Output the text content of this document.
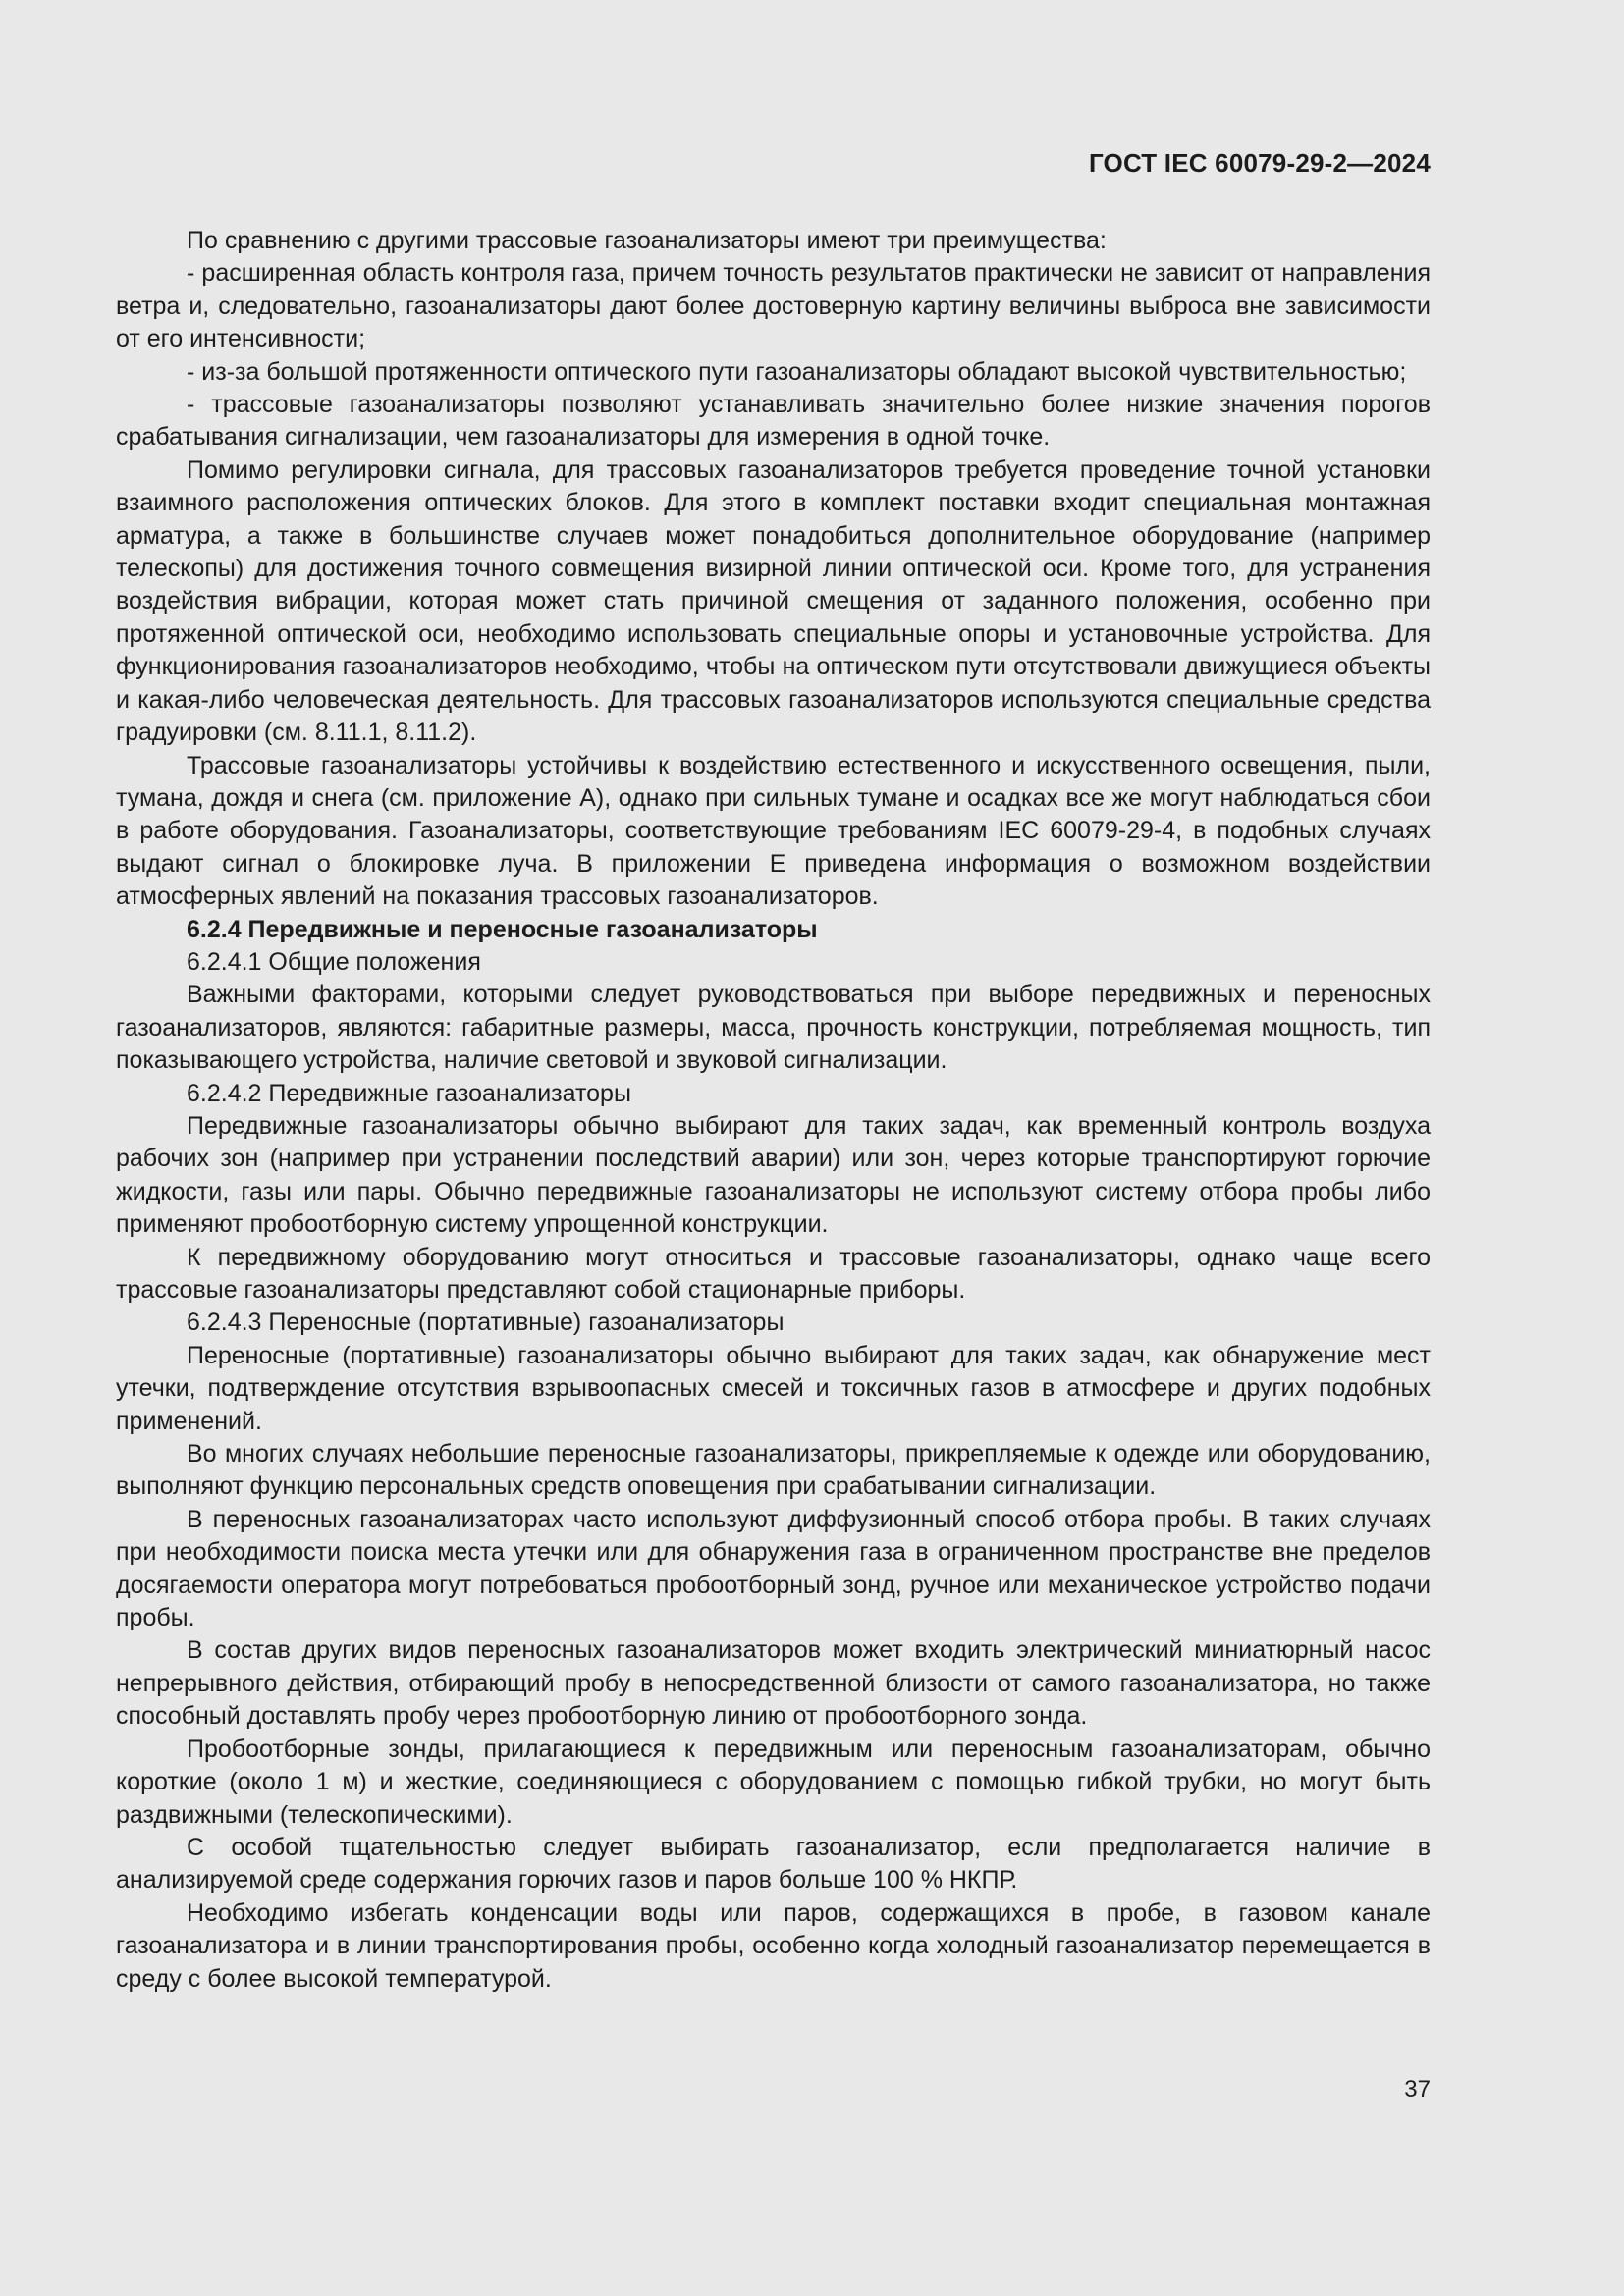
ГОСТ IEC 60079-29-2—2024

По сравнению с другими трассовые газоанализаторы имеют три преимущества:

- расширенная область контроля газа, причем точность результатов практически не зависит от направления ветра и, следовательно, газоанализаторы дают более достоверную картину величины выброса вне зависимости от его интенсивности;

- из-за большой протяженности оптического пути газоанализаторы обладают высокой чувствительностью;

- трассовые газоанализаторы позволяют устанавливать значительно более низкие значения порогов срабатывания сигнализации, чем газоанализаторы для измерения в одной точке.

Помимо регулировки сигнала, для трассовых газоанализаторов требуется проведение точной установки взаимного расположения оптических блоков. Для этого в комплект поставки входит специальная монтажная арматура, а также в большинстве случаев может понадобиться дополнительное оборудование (например телескопы) для достижения точного совмещения визирной линии оптической оси. Кроме того, для устранения воздействия вибрации, которая может стать причиной смещения от заданного положения, особенно при протяженной оптической оси, необходимо использовать специальные опоры и установочные устройства. Для функционирования газоанализаторов необходимо, чтобы на оптическом пути отсутствовали движущиеся объекты и какая-либо человеческая деятельность. Для трассовых газоанализаторов используются специальные средства градуировки (см. 8.11.1, 8.11.2).

Трассовые газоанализаторы устойчивы к воздействию естественного и искусственного освещения, пыли, тумана, дождя и снега (см. приложение А), однако при сильных тумане и осадках все же могут наблюдаться сбои в работе оборудования. Газоанализаторы, соответствующие требованиям IEC 60079-29-4, в подобных случаях выдают сигнал о блокировке луча. В приложении Е приведена информация о возможном воздействии атмосферных явлений на показания трассовых газоанализаторов.

6.2.4 Передвижные и переносные газоанализаторы

6.2.4.1 Общие положения

Важными факторами, которыми следует руководствоваться при выборе передвижных и переносных газоанализаторов, являются: габаритные размеры, масса, прочность конструкции, потребляемая мощность, тип показывающего устройства, наличие световой и звуковой сигнализации.

6.2.4.2 Передвижные газоанализаторы

Передвижные газоанализаторы обычно выбирают для таких задач, как временный контроль воздуха рабочих зон (например при устранении последствий аварии) или зон, через которые транспортируют горючие жидкости, газы или пары. Обычно передвижные газоанализаторы не используют систему отбора пробы либо применяют пробоотборную систему упрощенной конструкции.

К передвижному оборудованию могут относиться и трассовые газоанализаторы, однако чаще всего трассовые газоанализаторы представляют собой стационарные приборы.

6.2.4.3 Переносные (портативные) газоанализаторы

Переносные (портативные) газоанализаторы обычно выбирают для таких задач, как обнаружение мест утечки, подтверждение отсутствия взрывоопасных смесей и токсичных газов в атмосфере и других подобных применений.

Во многих случаях небольшие переносные газоанализаторы, прикрепляемые к одежде или оборудованию, выполняют функцию персональных средств оповещения при срабатывании сигнализации.

В переносных газоанализаторах часто используют диффузионный способ отбора пробы. В таких случаях при необходимости поиска места утечки или для обнаружения газа в ограниченном пространстве вне пределов досягаемости оператора могут потребоваться пробоотборный зонд, ручное или механическое устройство подачи пробы.

В состав других видов переносных газоанализаторов может входить электрический миниатюрный насос непрерывного действия, отбирающий пробу в непосредственной близости от самого газоанализатора, но также способный доставлять пробу через пробоотборную линию от пробоотборного зонда.

Пробоотборные зонды, прилагающиеся к передвижным или переносным газоанализаторам, обычно короткие (около 1 м) и жесткие, соединяющиеся с оборудованием с помощью гибкой трубки, но могут быть раздвижными (телескопическими).

С особой тщательностью следует выбирать газоанализатор, если предполагается наличие в анализируемой среде содержания горючих газов и паров больше 100 % НКПР.

Необходимо избегать конденсации воды или паров, содержащихся в пробе, в газовом канале газоанализатора и в линии транспортирования пробы, особенно когда холодный газоанализатор перемещается в среду с более высокой температурой.

37
